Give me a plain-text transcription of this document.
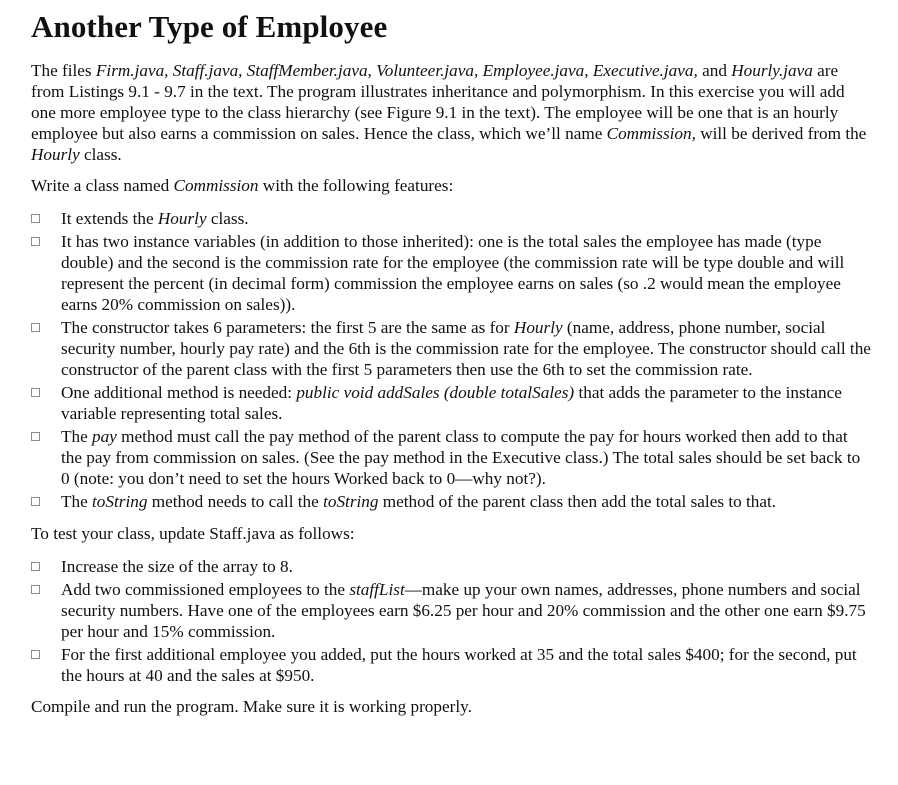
Another Type of Employee

The files Firm.java, Staff.java, StaffMember.java, Volunteer.java, Employee.java, Executive.java, and Hourly.java are from Listings 9.1 - 9.7 in the text. The program illustrates inheritance and polymorphism. In this exercise you will add one more employee type to the class hierarchy (see Figure 9.1 in the text). The employee will be one that is an hourly employee but also earns a commission on sales. Hence the class, which we’ll name Commission, will be derived from the Hourly class.

Write a class named Commission with the following features:

It extends the Hourly class.
It has two instance variables (in addition to those inherited): one is the total sales the employee has made (type double) and the second is the commission rate for the employee (the commission rate will be type double and will represent the percent (in decimal form) commission the employee earns on sales (so .2 would mean the employee earns 20% commission on sales)).
The constructor takes 6 parameters: the first 5 are the same as for Hourly (name, address, phone number, social security number, hourly pay rate) and the 6th is the commission rate for the employee. The constructor should call the constructor of the parent class with the first 5 parameters then use the 6th to set the commission rate.
One additional method is needed: public void addSales (double totalSales) that adds the parameter to the instance variable representing total sales.
The pay method must call the pay method of the parent class to compute the pay for hours worked then add to that the pay from commission on sales. (See the pay method in the Executive class.) The total sales should be set back to 0 (note: you don’t need to set the hours Worked back to 0—why not?).
The toString method needs to call the toString method of the parent class then add the total sales to that.

To test your class, update Staff.java as follows:

Increase the size of the array to 8.
Add two commissioned employees to the staffList—make up your own names, addresses, phone numbers and social security numbers. Have one of the employees earn $6.25 per hour and 20% commission and the other one earn $9.75 per hour and 15% commission.
For the first additional employee you added, put the hours worked at 35 and the total sales $400; for the second, put the hours at 40 and the sales at $950.

Compile and run the program. Make sure it is working properly.
